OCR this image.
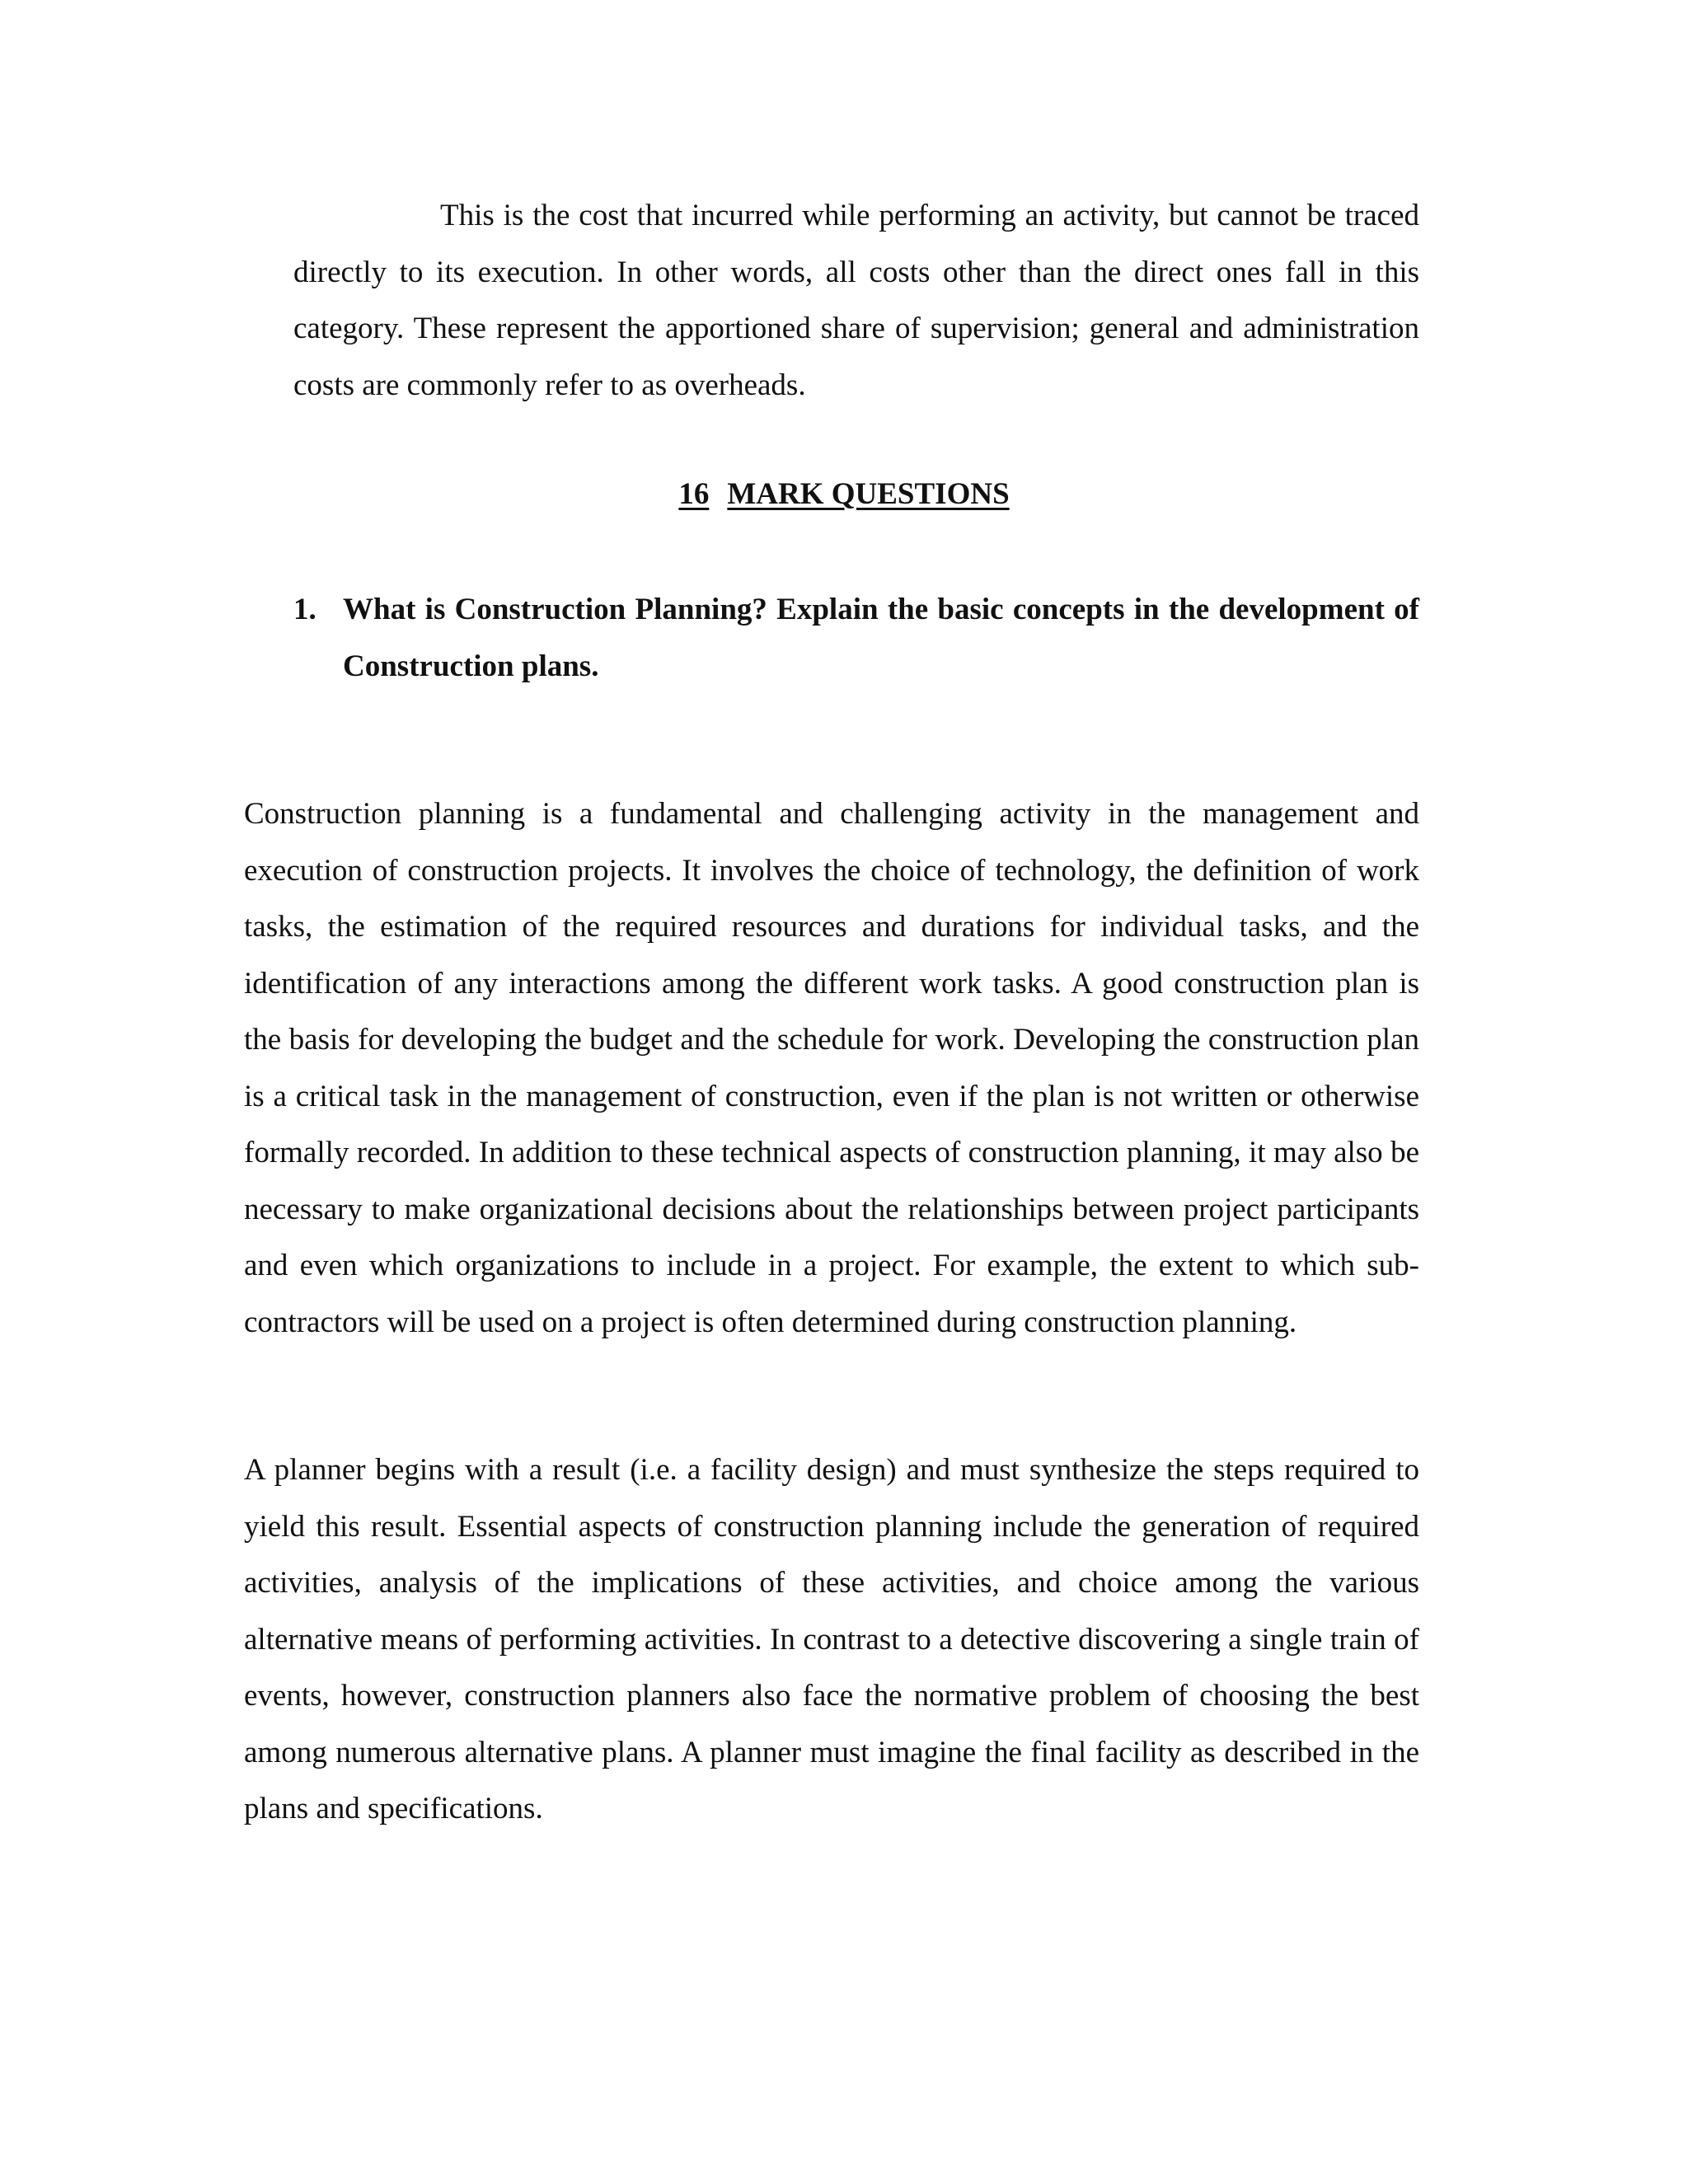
This is the cost that incurred while performing an activity, but cannot be traced directly to its execution. In other words, all costs other than the direct ones fall in this category. These represent the apportioned share of supervision; general and administration costs are commonly refer to as overheads.

16 MARK QUESTIONS
1. What is Construction Planning? Explain the basic concepts in the development of Construction plans.

Construction planning is a fundamental and challenging activity in the management and execution of construction projects. It involves the choice of technology, the definition of work tasks, the estimation of the required resources and durations for individual tasks, and the identification of any interactions among the different work tasks. A good construction plan is the basis for developing the budget and the schedule for work. Developing the construction plan is a critical task in the management of construction, even if the plan is not written or otherwise formally recorded. In addition to these technical aspects of construction planning, it may also be necessary to make organizational decisions about the relationships between project participants and even which organizations to include in a project. For example, the extent to which sub-contractors will be used on a project is often determined during construction planning.

A planner begins with a result (i.e. a facility design) and must synthesize the steps required to yield this result. Essential aspects of construction planning include the generation of required activities, analysis of the implications of these activities, and choice among the various alternative means of performing activities. In contrast to a detective discovering a single train of events, however, construction planners also face the normative problem of choosing the best among numerous alternative plans. A planner must imagine the final facility as described in the plans and specifications.
